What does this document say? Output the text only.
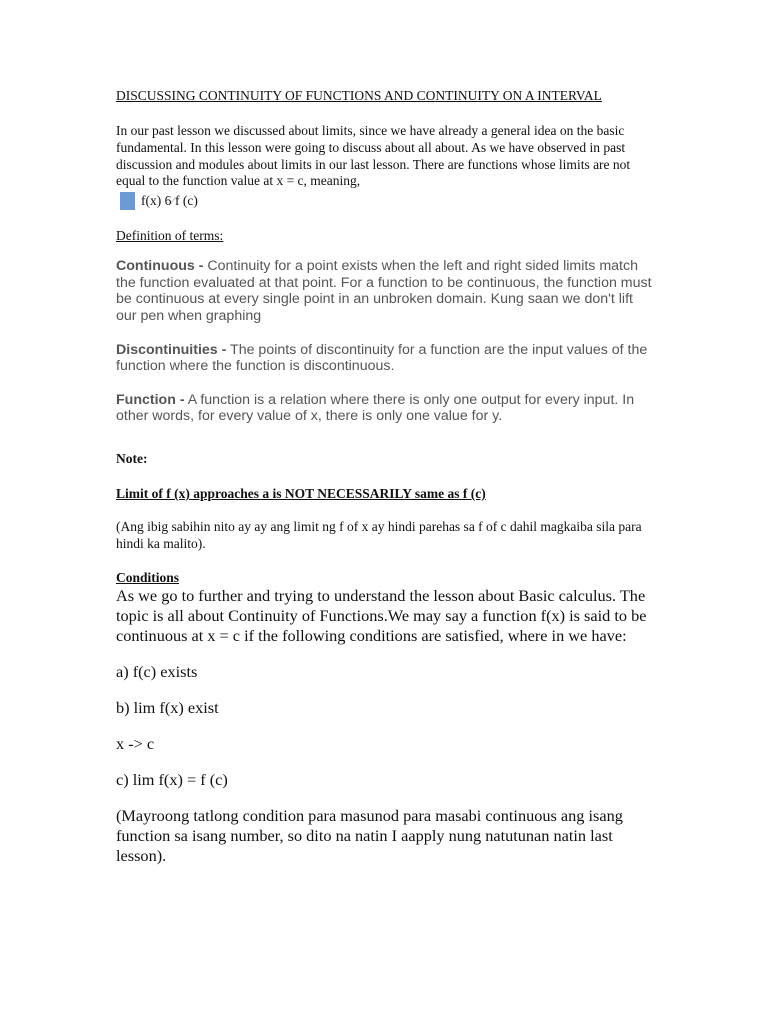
DISCUSSING CONTINUITY OF FUNCTIONS AND CONTINUITY ON A INTERVAL

In our past lesson we discussed about limits, since we have already a general idea on the basic fundamental. In this lesson were going to discuss about all about. As we have observed in past discussion and modules about limits in our last lesson. There are functions whose limits are not equal to the function value at x = c, meaning,

f(x) 6 ⁄ f (c)
Definition of terms:

Continuous - Continuity for a point exists when the left and right sided limits match the function evaluated at that point. For a function to be continuous, the function must be continuous at every single point in an unbroken domain. Kung saan we don't lift our pen when graphing

Discontinuities - The points of discontinuity for a function are the input values of the function where the function is discontinuous.

Function - A function is a relation where there is only one output for every input. In other words, for every value of x, there is only one value for y.

Note:
Limit of f (x) approaches a is NOT NECESSARILY same as f (c)

(Ang ibig sabihin nito ay ay ang limit ng f of x ay hindi parehas sa f of c dahil magkaiba sila para hindi ka malito).

Conditions

As we go to further and trying to understand the lesson about Basic calculus. The topic is all about Continuity of Functions.We may say a function f(x) is said to be continuous at x = c if the following conditions are satisfied, where in we have:

a) f(c) exists
b) lim f(x) exist
x -> c
c) lim f(x) = f (c)

(Mayroong tatlong condition para masunod para masabi continuous ang isang function sa isang number, so dito na natin I aapply nung natutunan natin last lesson).
